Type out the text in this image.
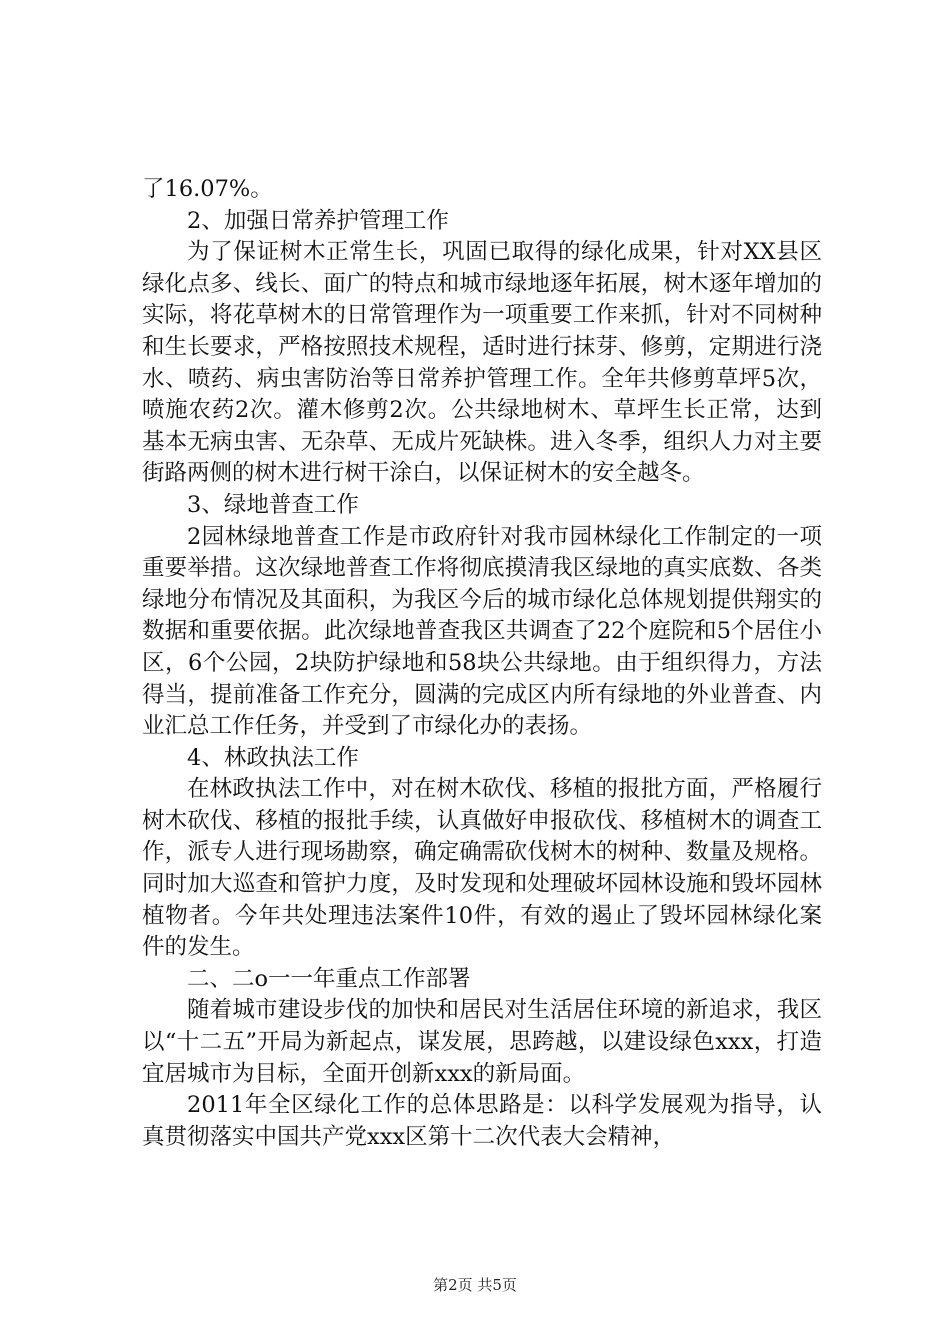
了16.07%。

2、加强日常养护管理工作

为了保证树木正常生长，巩固已取得的绿化成果，针对XX县区绿化点多、线长、面广的特点和城市绿地逐年拓展，树木逐年增加的实际，将花草树木的日常管理作为一项重要工作来抓，针对不同树种和生长要求，严格按照技术规程，适时进行抹芽、修剪，定期进行浇水、喷药、病虫害防治等日常养护管理工作。全年共修剪草坪5次，喷施农药2次。灌木修剪2次。公共绿地树木、草坪生长正常，达到基本无病虫害、无杂草、无成片死缺株。进入冬季，组织人力对主要街路两侧的树木进行树干涂白，以保证树木的安全越冬。

3、绿地普查工作

2园林绿地普查工作是市政府针对我市园林绿化工作制定的一项重要举措。这次绿地普查工作将彻底摸清我区绿地的真实底数、各类绿地分布情况及其面积，为我区今后的城市绿化总体规划提供翔实的数据和重要依据。此次绿地普查我区共调查了22个庭院和5个居住小区，6个公园，2块防护绿地和58块公共绿地。由于组织得力，方法得当，提前准备工作充分，圆满的完成区内所有绿地的外业普查、内业汇总工作任务，并受到了市绿化办的表扬。

4、林政执法工作

在林政执法工作中，对在树木砍伐、移植的报批方面，严格履行树木砍伐、移植的报批手续，认真做好申报砍伐、移植树木的调查工作，派专人进行现场勘察，确定确需砍伐树木的树种、数量及规格。同时加大巡查和管护力度，及时发现和处理破坏园林设施和毁坏园林植物者。今年共处理违法案件10件，有效的遏止了毁坏园林绿化案件的发生。

二、二o一一年重点工作部署

随着城市建设步伐的加快和居民对生活居住环境的新追求，我区以“十二五”开局为新起点，谋发展，思跨越，以建设绿色xxx，打造宜居城市为目标，全面开创新xxx的新局面。

2011年全区绿化工作的总体思路是：以科学发展观为指导，认真贯彻落实中国共产党xxx区第十二次代表大会精神，

第2页 共5页
